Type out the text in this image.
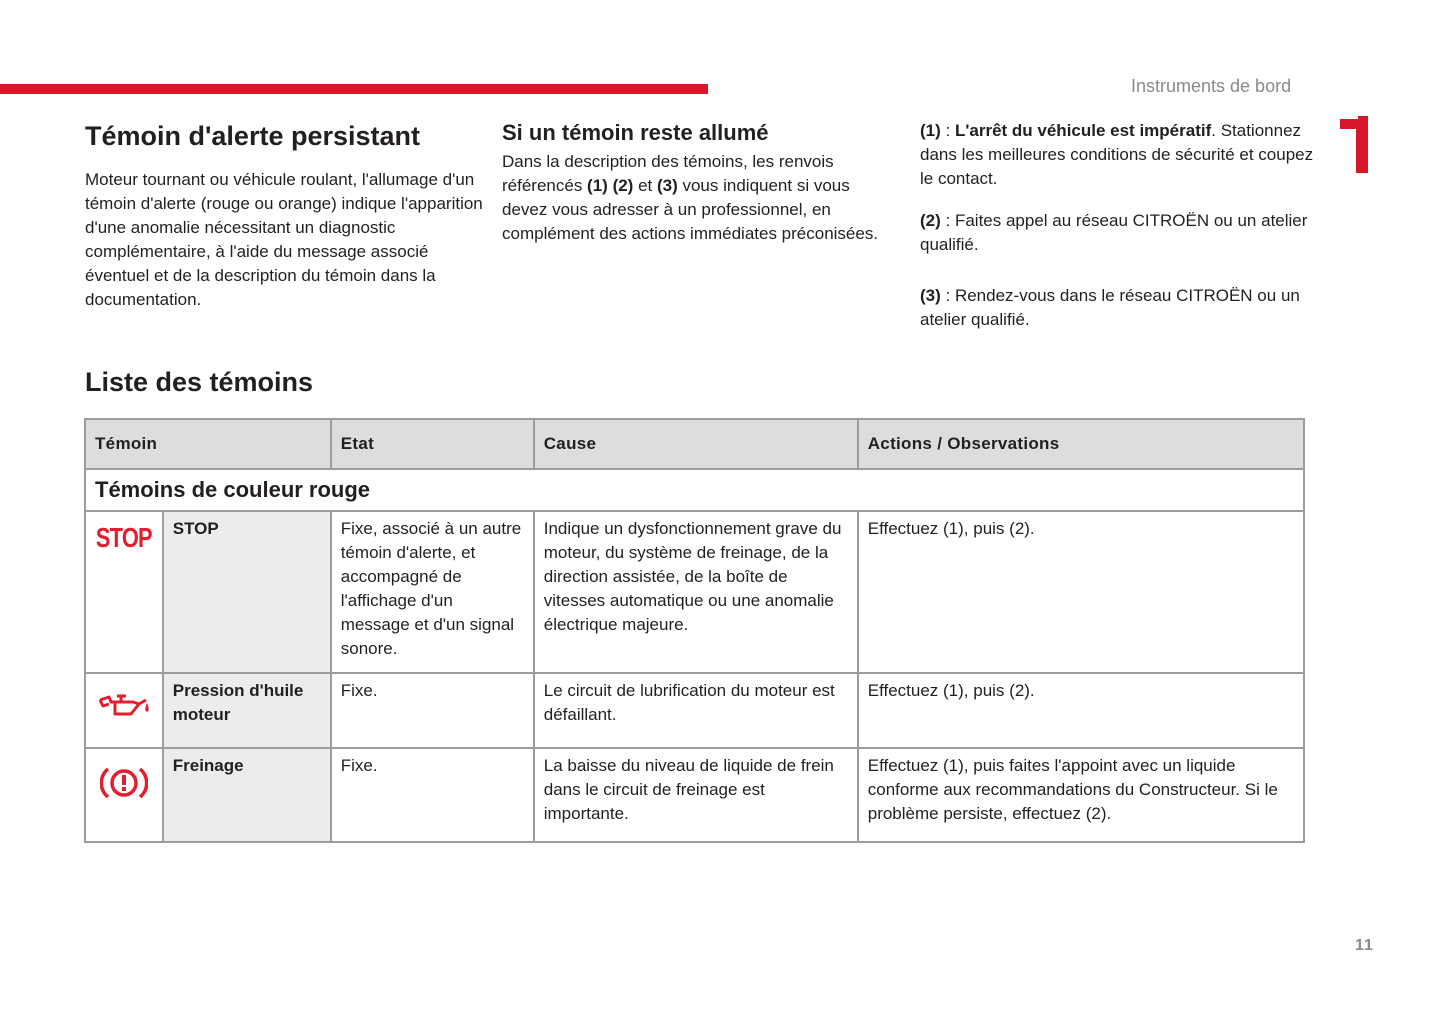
Instruments de bord
Témoin d'alerte persistant

Moteur tournant ou véhicule roulant, l'allumage d'un témoin d'alerte (rouge ou orange) indique l'apparition d'une anomalie nécessitant un diagnostic complémentaire, à l'aide du message associé éventuel et de la description du témoin dans la documentation.

Si un témoin reste allumé

Dans la description des témoins, les renvois référencés (1) (2) et (3) vous indiquent si vous devez vous adresser à un professionnel, en complément des actions immédiates préconisées.

(1) : L'arrêt du véhicule est impératif. Stationnez dans les meilleures conditions de sécurité et coupez le contact.

(2) : Faites appel au réseau CITROËN ou un atelier qualifié.

(3) : Rendez-vous dans le réseau CITROËN ou un atelier qualifié.

Liste des témoins
Témoin		Etat	Cause	Actions / Observations
Témoins de couleur rouge				
STOP	STOP	Fixe, associé à un autre témoin d'alerte, et accompagné de l'affichage d'un message et d'un signal sonore.	Indique un dysfonctionnement grave du moteur, du système de freinage, de la direction assistée, de la boîte de vitesses automatique ou une anomalie électrique majeure.	Effectuez (1), puis (2).
	Pression d'huile moteur	Fixe.	Le circuit de lubrification du moteur est défaillant.	Effectuez (1), puis (2).
	Freinage	Fixe.	La baisse du niveau de liquide de frein dans le circuit de freinage est importante.	Effectuez (1), puis faites l'appoint avec un liquide conforme aux recommandations du Constructeur. Si le problème persiste, effectuez (2).
11
